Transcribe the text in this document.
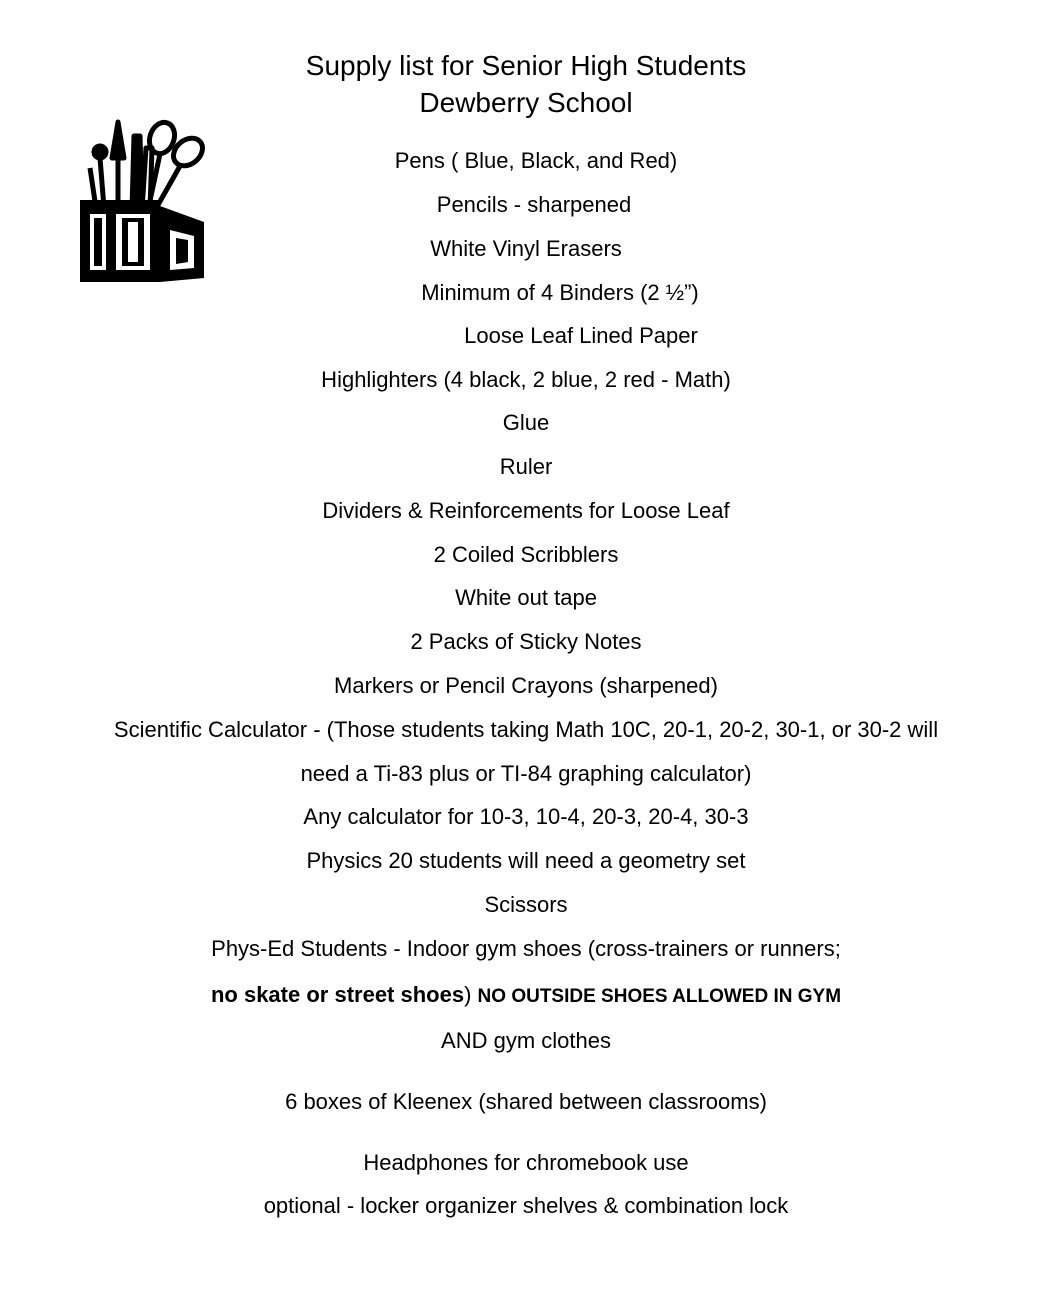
Supply list for Senior High Students
Dewberry School
Pens ( Blue, Black, and Red)
Pencils - sharpened
White Vinyl Erasers
Minimum of 4 Binders (2 ½”)
Loose Leaf Lined Paper
Highlighters (4 black, 2 blue, 2 red - Math)
Glue
Ruler
Dividers & Reinforcements for Loose Leaf
2 Coiled Scribblers
White out tape
2 Packs of Sticky Notes
Markers or Pencil Crayons (sharpened)
Scientific Calculator - (Those students taking Math 10C, 20-1, 20-2, 30-1, or 30-2 will
need a Ti-83 plus or TI-84 graphing calculator)
Any calculator for 10-3, 10-4, 20-3, 20-4, 30-3
Physics 20 students will need a geometry set
Scissors
Phys-Ed Students - Indoor gym shoes (cross-trainers or runners;
no skate or street shoes) NO OUTSIDE SHOES ALLOWED IN GYM
AND gym clothes
6 boxes of Kleenex (shared between classrooms)
Headphones for chromebook use
optional - locker organizer shelves & combination lock
